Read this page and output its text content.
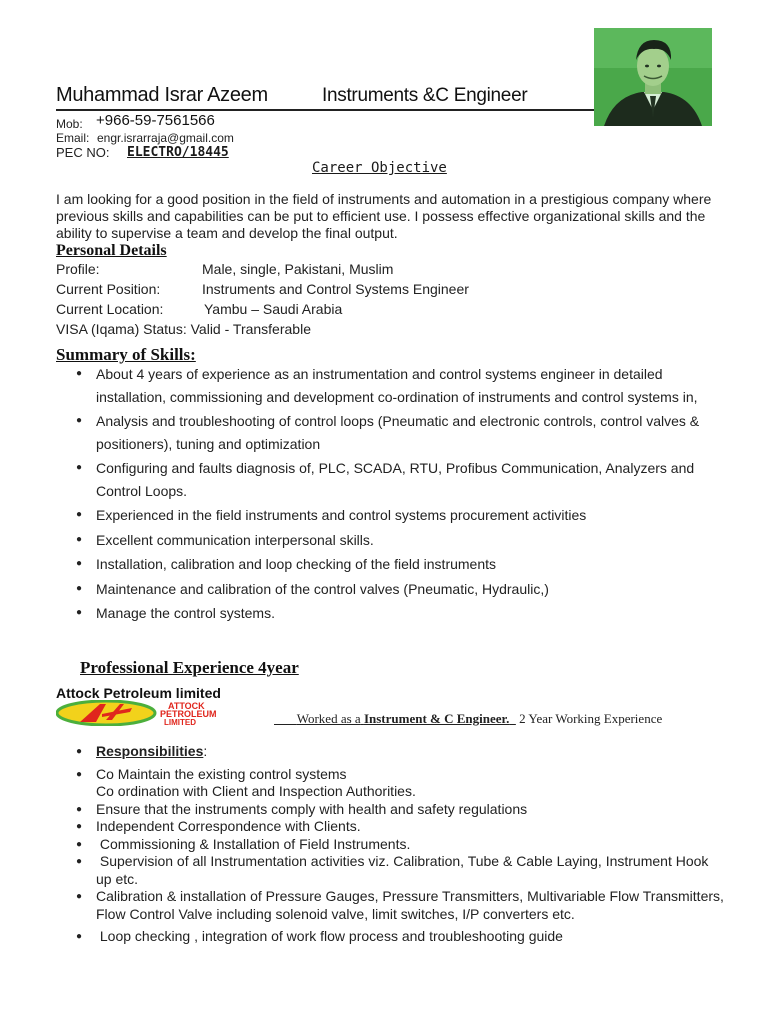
Muhammad Israr Azeem	Instruments &C Engineer
Mob: +966-59-7561566
Email: engr.israrraja@gmail.com
PEC NO: ELECTRO/18445
Career Objective
I am looking for a good position in the field of instruments and automation in a prestigious company where previous skills and capabilities can be put to efficient use. I possess effective organizational skills and the ability to supervise a team and develop the final output.
Personal Details
Profile:	Male, single, Pakistani, Muslim
Current Position:	Instruments and Control Systems Engineer
Current Location:	Yambu – Saudi Arabia
VISA (Iqama) Status: Valid - Transferable
Summary of Skills:
● About 4 years of experience as an instrumentation and control systems engineer in detailed installation, commissioning and development co-ordination of instruments and control systems in,
● Analysis and troubleshooting of control loops (Pneumatic and electronic controls, control valves & positioners), tuning and optimization
● Configuring and faults diagnosis of, PLC, SCADA, RTU, Profibus Communication, Analyzers and Control Loops.
● Experienced in the field instruments and control systems procurement activities
● Excellent communication interpersonal skills.
● Installation, calibration and loop checking of the field instruments
● Maintenance and calibration of the control valves (Pneumatic, Hydraulic,)
● Manage the control systems.
Professional Experience 4year
Attock Petroleum limited
ATTOCK
PETROLEUM
LIMITED	Worked as a Instrument & C Engineer. 2 Year Working Experience
● Responsibilities:
● Co Maintain the existing control systems
Co ordination with Client and Inspection Authorities.
● Ensure that the instruments comply with health and safety regulations
● Independent Correspondence with Clients.
● Commissioning & Installation of Field Instruments.
● Supervision of all Instrumentation activities viz. Calibration, Tube & Cable Laying, Instrument Hook up etc.
● Calibration & installation of Pressure Gauges, Pressure Transmitters, Multivariable Flow Transmitters, Flow Control Valve including solenoid valve, limit switches, I/P converters etc.
● Loop checking , integration of work flow process and troubleshooting guide
